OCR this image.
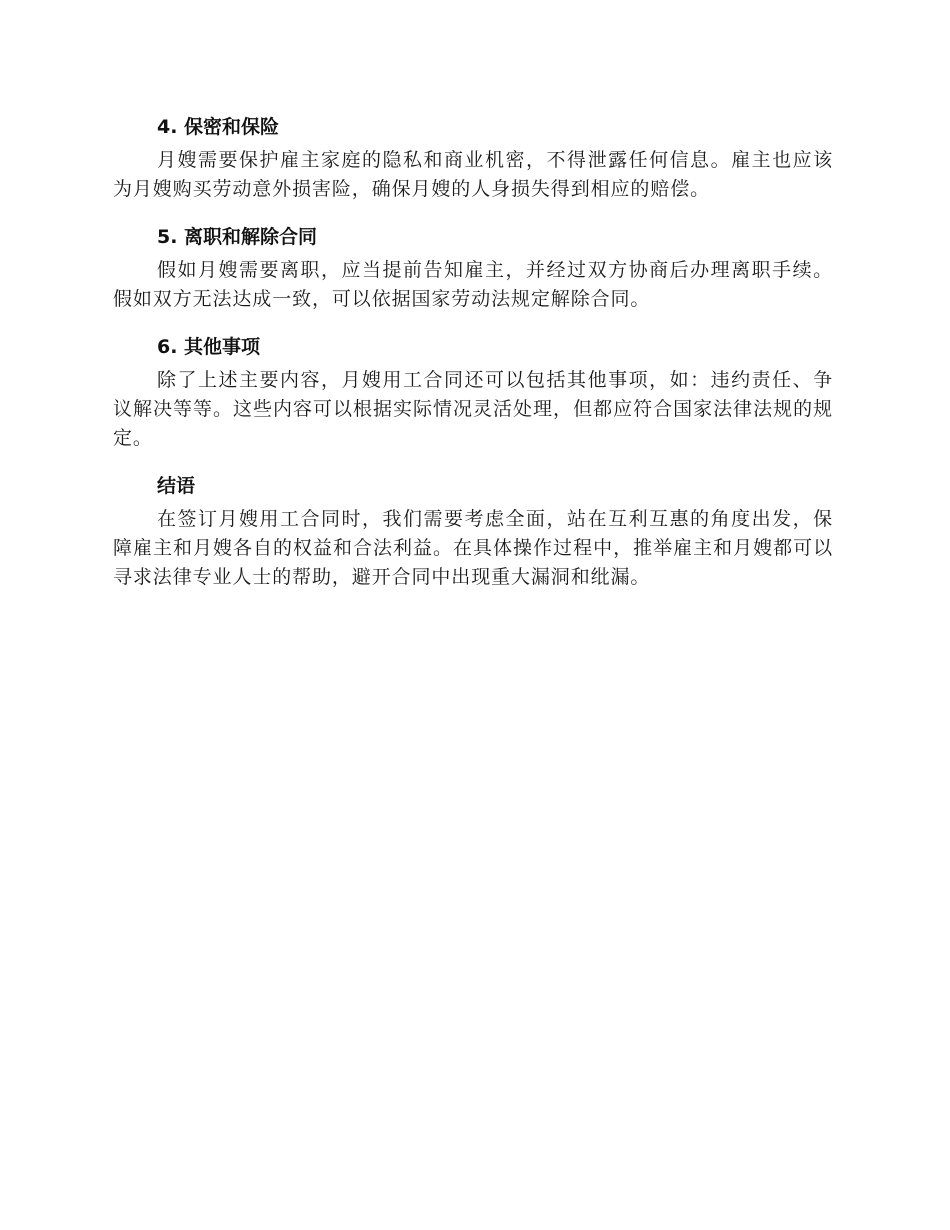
4. 保密和保险

月嫂需要保护雇主家庭的隐私和商业机密，不得泄露任何信息。雇主也应该为月嫂购买劳动意外损害险，确保月嫂的人身损失得到相应的赔偿。

5. 离职和解除合同

假如月嫂需要离职，应当提前告知雇主，并经过双方协商后办理离职手续。假如双方无法达成一致，可以依据国家劳动法规定解除合同。

6. 其他事项

除了上述主要内容，月嫂用工合同还可以包括其他事项，如：违约责任、争议解决等等。这些内容可以根据实际情况灵活处理，但都应符合国家法律法规的规定。

结语

在签订月嫂用工合同时，我们需要考虑全面，站在互利互惠的角度出发，保障雇主和月嫂各自的权益和合法利益。在具体操作过程中，推举雇主和月嫂都可以寻求法律专业人士的帮助，避开合同中出现重大漏洞和纰漏。
